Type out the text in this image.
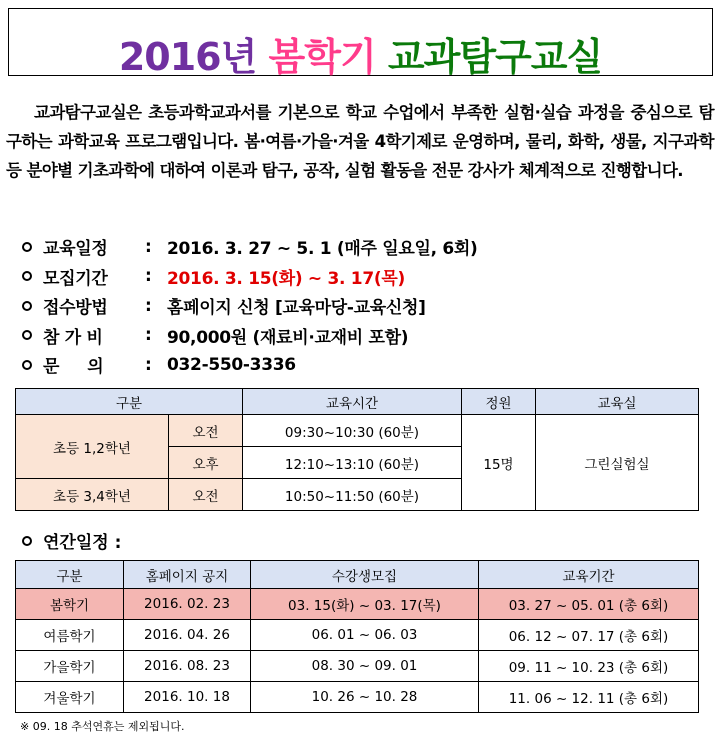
2016년 봄학기 교과탐구교실
교과탐구교실은 초등과학교과서를 기본으로 학교 수업에서 부족한 실험·실습 과정을 중심으로 탐구하는 과학교육 프로그램입니다. 봄·여름·가을·겨울 4학기제로 운영하며, 물리, 화학, 생물, 지구과학 등 분야별 기초과학에 대하여 이론과 탐구, 공작, 실험 활동을 전문 강사가 체계적으로 진행합니다.
교육일정	: 2016. 3. 27 ~ 5. 1 (매주 일요일, 6회)
모집기간	: 2016. 3. 15(화) ~ 3. 17(목)
접수방법	: 홈페이지 신청 [교육마당-교육신청]
참 가 비	: 90,000원 (재료비·교재비 포함)
문     의	: 032-550-3336
구분		교육시간	정원	교육실
초등 1,2학년	오전	09:30~10:30 (60분)	15명	그린실험실
	오후	12:10~13:10 (60분)		
초등 3,4학년	오전	10:50~11:50 (60분)		
연간일정 :
구분	홈페이지 공지	수강생모집	교육기간
봄학기	2016. 02. 23	03. 15(화) ~ 03. 17(목)	03. 27 ~ 05. 01 (총 6회)
여름학기	2016. 04. 26	06. 01 ~ 06. 03	06. 12 ~ 07. 17 (총 6회)
가을학기	2016. 08. 23	08. 30 ~ 09. 01	09. 11 ~ 10. 23 (총 6회)
겨울학기	2016. 10. 18	10. 26 ~ 10. 28	11. 06 ~ 12. 11 (총 6회)
※ 09. 18 추석연휴는 제외됩니다.
